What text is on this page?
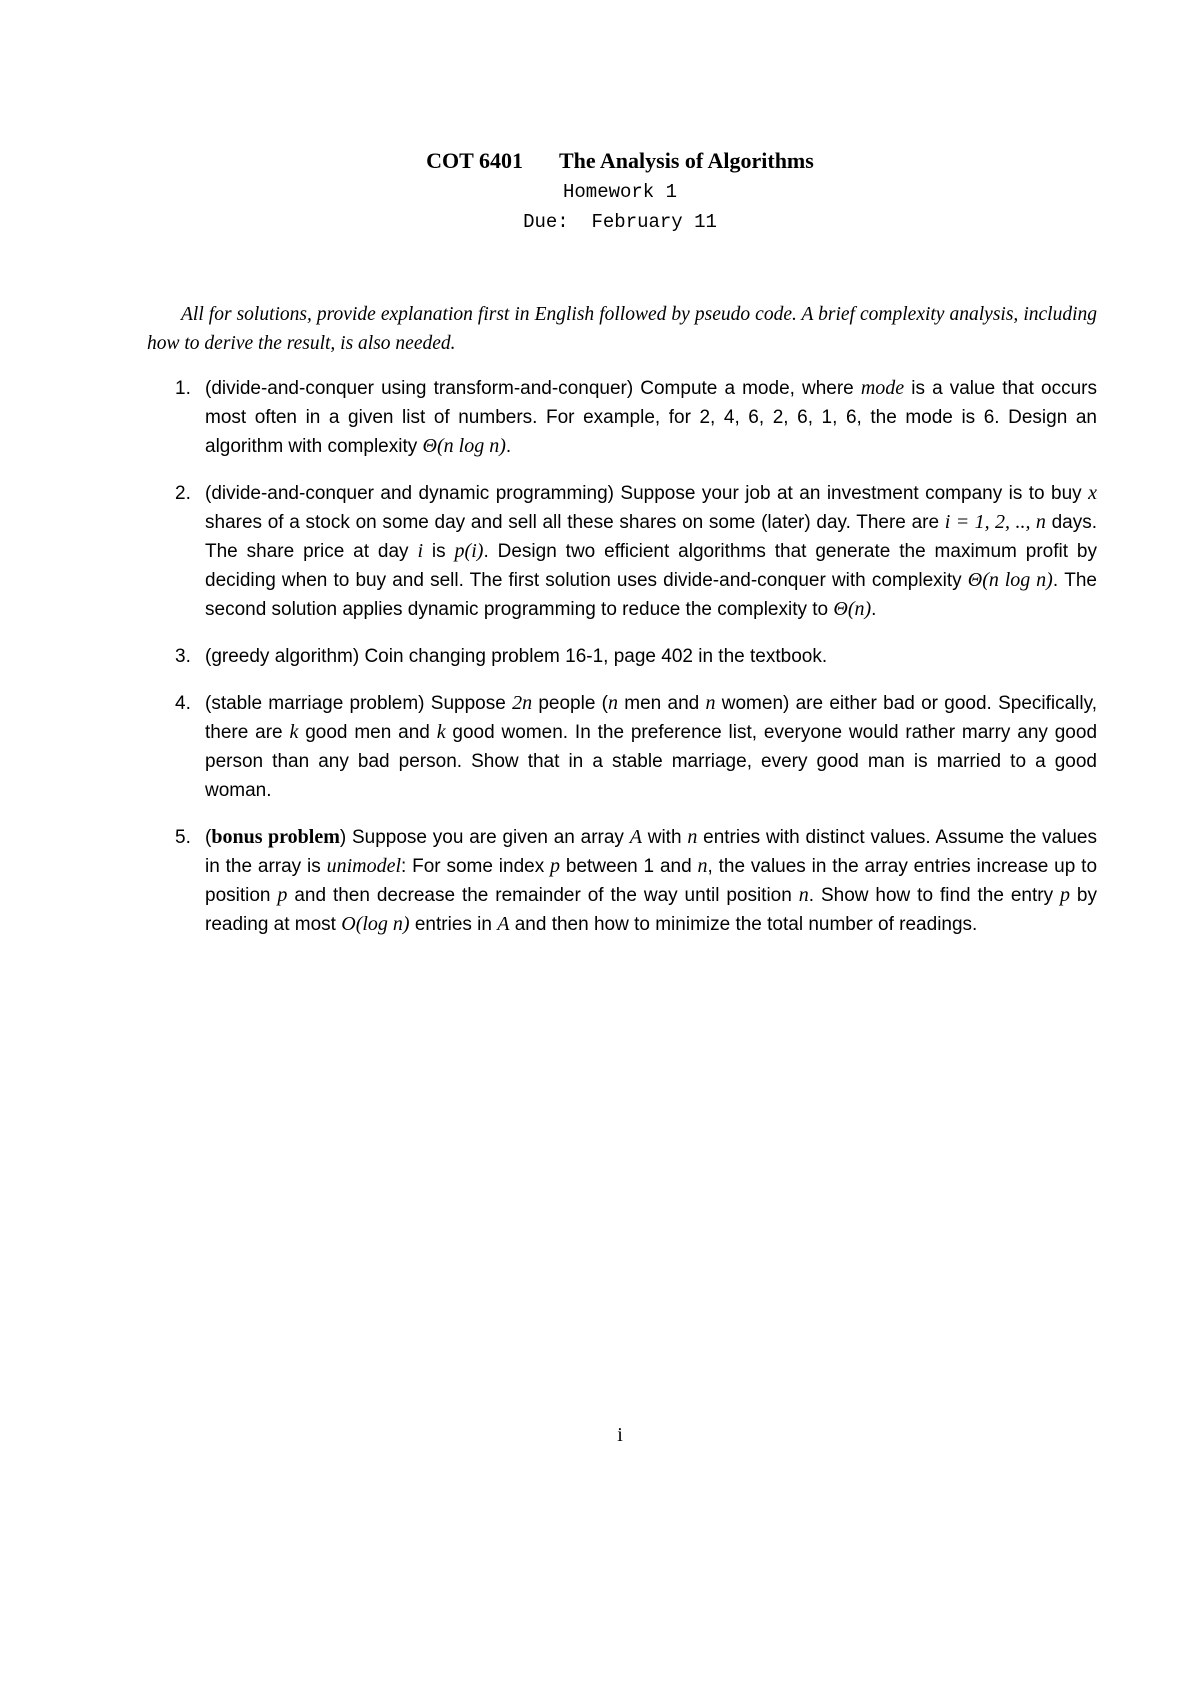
COT 6401 The Analysis of Algorithms
Homework 1
Due:  February 11

All for solutions, provide explanation first in English followed by pseudo code. A brief complexity analysis, including how to derive the result, is also needed.

1. (divide-and-conquer using transform-and-conquer) Compute a mode, where mode is a value that occurs most often in a given list of numbers. For example, for 2, 4, 6, 2, 6, 1, 6, the mode is 6. Design an algorithm with complexity Θ(n log n).
2. (divide-and-conquer and dynamic programming) Suppose your job at an investment company is to buy x shares of a stock on some day and sell all these shares on some (later) day. There are i = 1, 2, .., n days. The share price at day i is p(i). Design two efficient algorithms that generate the maximum profit by deciding when to buy and sell. The first solution uses divide-and-conquer with complexity Θ(n log n). The second solution applies dynamic programming to reduce the complexity to Θ(n).
3. (greedy algorithm) Coin changing problem 16-1, page 402 in the textbook.
4. (stable marriage problem) Suppose 2n people (n men and n women) are either bad or good. Specifically, there are k good men and k good women. In the preference list, everyone would rather marry any good person than any bad person. Show that in a stable marriage, every good man is married to a good woman.
5. (bonus problem) Suppose you are given an array A with n entries with distinct values. Assume the values in the array is unimodel: For some index p between 1 and n, the values in the array entries increase up to position p and then decrease the remainder of the way until position n. Show how to find the entry p by reading at most O(log n) entries in A and then how to minimize the total number of readings.
i
